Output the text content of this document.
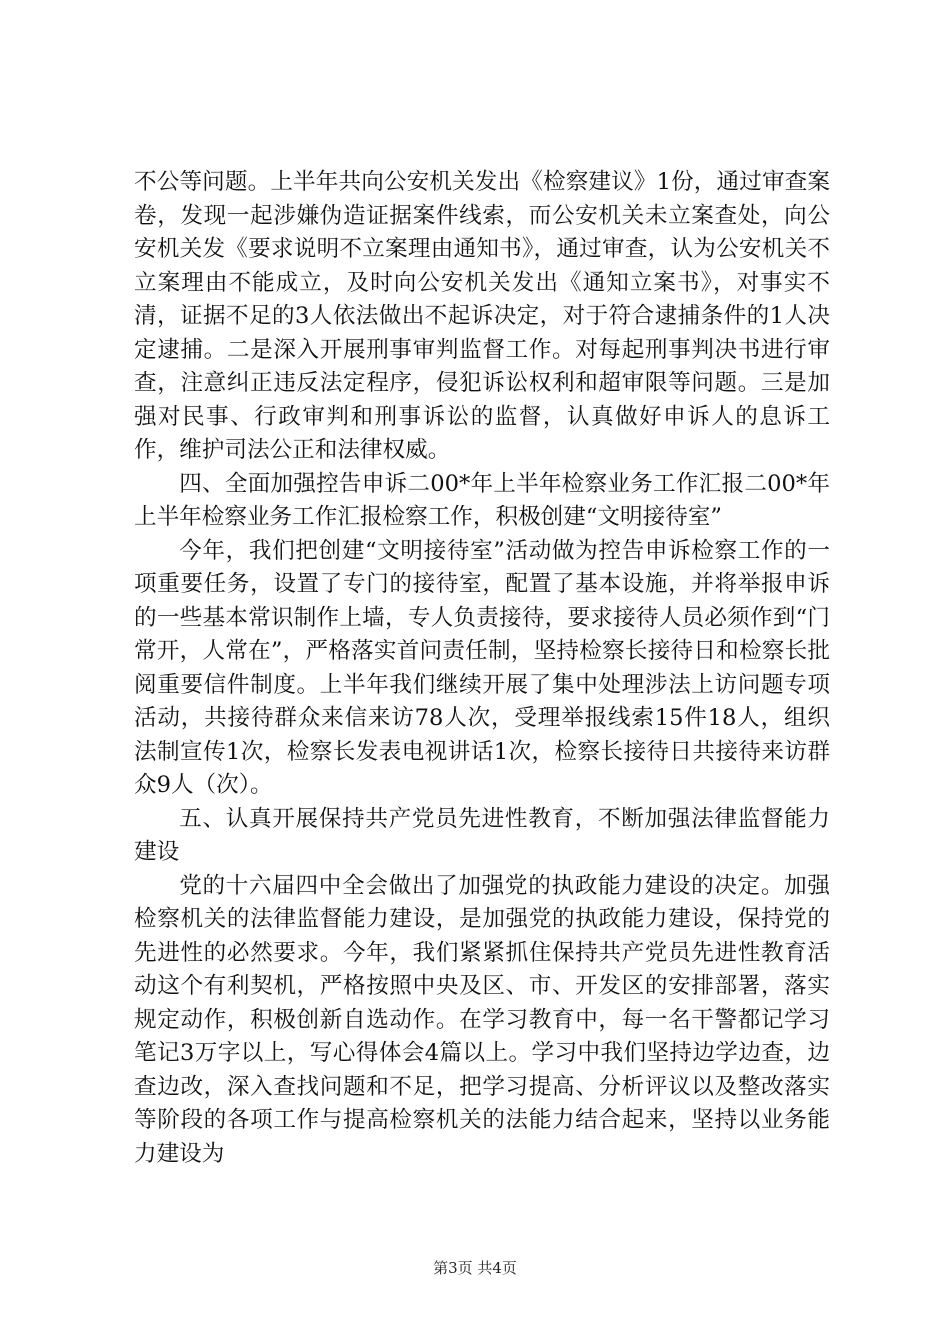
不公等问题。上半年共向公安机关发出《检察建议》1份，通过审查案卷，发现一起涉嫌伪造证据案件线索，而公安机关未立案查处，向公安机关发《要求说明不立案理由通知书》，通过审查，认为公安机关不立案理由不能成立，及时向公安机关发出《通知立案书》，对事实不清，证据不足的3人依法做出不起诉决定，对于符合逮捕条件的1人决定逮捕。二是深入开展刑事审判监督工作。对每起刑事判决书进行审查，注意纠正违反法定程序，侵犯诉讼权利和超审限等问题。三是加强对民事、行政审判和刑事诉讼的监督，认真做好申诉人的息诉工作，维护司法公正和法律权威。

四、全面加强控告申诉二00*年上半年检察业务工作汇报二00*年上半年检察业务工作汇报检察工作，积极创建“文明接待室”

今年，我们把创建“文明接待室”活动做为控告申诉检察工作的一项重要任务，设置了专门的接待室，配置了基本设施，并将举报申诉的一些基本常识制作上墙，专人负责接待，要求接待人员必须作到“门常开，人常在”，严格落实首问责任制，坚持检察长接待日和检察长批阅重要信件制度。上半年我们继续开展了集中处理涉法上访问题专项活动，共接待群众来信来访78人次，受理举报线索15件18人，组织法制宣传1次，检察长发表电视讲话1次，检察长接待日共接待来访群众9人（次）。

五、认真开展保持共产党员先进性教育，不断加强法律监督能力建设

党的十六届四中全会做出了加强党的执政能力建设的决定。加强检察机关的法律监督能力建设，是加强党的执政能力建设，保持党的先进性的必然要求。今年，我们紧紧抓住保持共产党员先进性教育活动这个有利契机，严格按照中央及区、市、开发区的安排部署，落实规定动作，积极创新自选动作。在学习教育中，每一名干警都记学习笔记3万字以上，写心得体会4篇以上。学习中我们坚持边学边查，边查边改，深入查找问题和不足，把学习提高、分析评议以及整改落实等阶段的各项工作与提高检察机关的法能力结合起来，坚持以业务能力建设为

第3页 共4页
